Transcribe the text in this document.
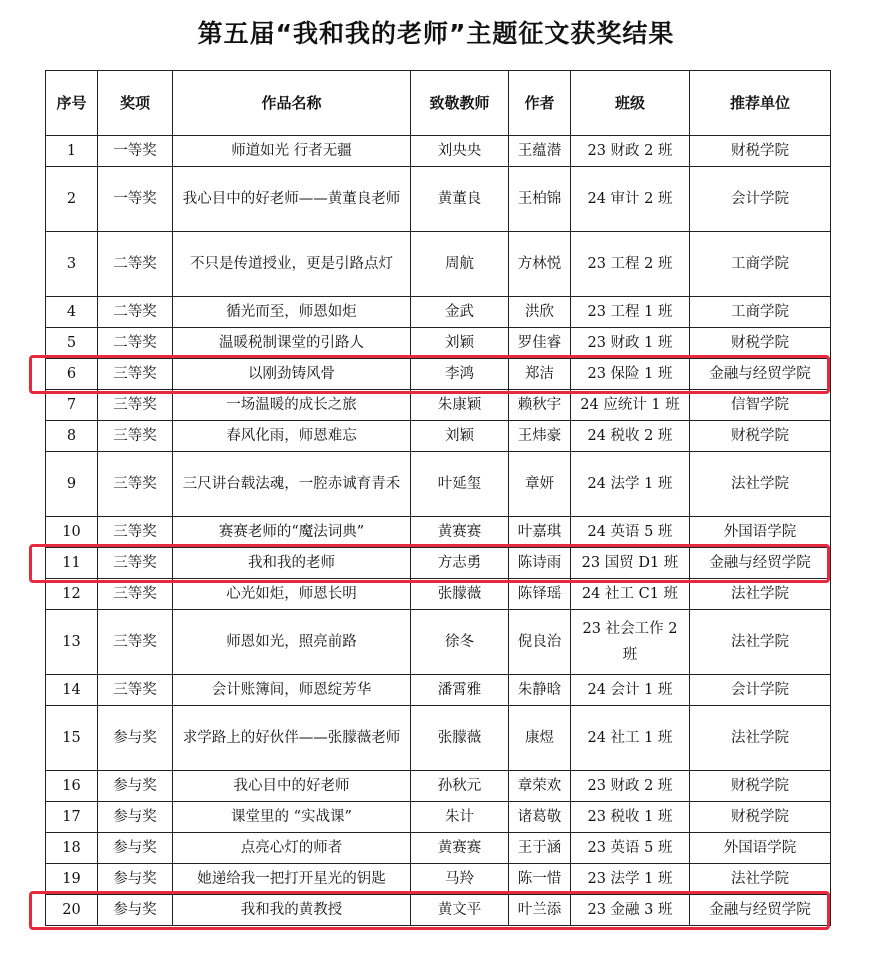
第五届“我和我的老师”主题征文获奖结果
序号	奖项	作品名称	致敬教师	作者	班级	推荐单位
1	一等奖	师道如光 行者无疆	刘央央	王蕴潜	23 财政 2 班	财税学院
2	一等奖	我心目中的好老师——黄董良老师	黄董良	王柏锦	24 审计 2 班	会计学院
3	二等奖	不只是传道授业，更是引路点灯	周航	方林悦	23 工程 2 班	工商学院
4	二等奖	循光而至，师恩如炬	金武	洪欣	23 工程 1 班	工商学院
5	二等奖	温暖税制课堂的引路人	刘颖	罗佳睿	23 财政 1 班	财税学院
6	三等奖	以刚劲铸风骨	李鸿	郑洁	23 保险 1 班	金融与经贸学院
7	三等奖	一场温暖的成长之旅	朱康颖	赖秋宇	24 应统计 1 班	信智学院
8	三等奖	春风化雨，师恩难忘	刘颖	王炜豪	24 税收 2 班	财税学院
9	三等奖	三尺讲台载法魂，一腔赤诚育青禾	叶延玺	章妍	24 法学 1 班	法社学院
10	三等奖	赛赛老师的“魔法词典”	黄赛赛	叶嘉琪	24 英语 5 班	外国语学院
11	三等奖	我和我的老师	方志勇	陈诗雨	23 国贸 D1 班	金融与经贸学院
12	三等奖	心光如炬，师恩长明	张朦薇	陈铎瑶	24 社工 C1 班	法社学院
13	三等奖	师恩如光，照亮前路	徐冬	倪良治	23 社会工作 2 班	法社学院
14	三等奖	会计账簿间，师恩绽芳华	潘霄雅	朱静晗	24 会计 1 班	会计学院
15	参与奖	求学路上的好伙伴——张朦薇老师	张朦薇	康煜	24 社工 1 班	法社学院
16	参与奖	我心目中的好老师	孙秋元	章荣欢	23 财政 2 班	财税学院
17	参与奖	课堂里的 “实战课”	朱计	诸葛敬	23 税收 1 班	财税学院
18	参与奖	点亮心灯的师者	黄赛赛	王于涵	23 英语 5 班	外国语学院
19	参与奖	她递给我一把打开星光的钥匙	马羚	陈一惜	23 法学 1 班	法社学院
20	参与奖	我和我的黄教授	黄文平	叶兰添	23 金融 3 班	金融与经贸学院
